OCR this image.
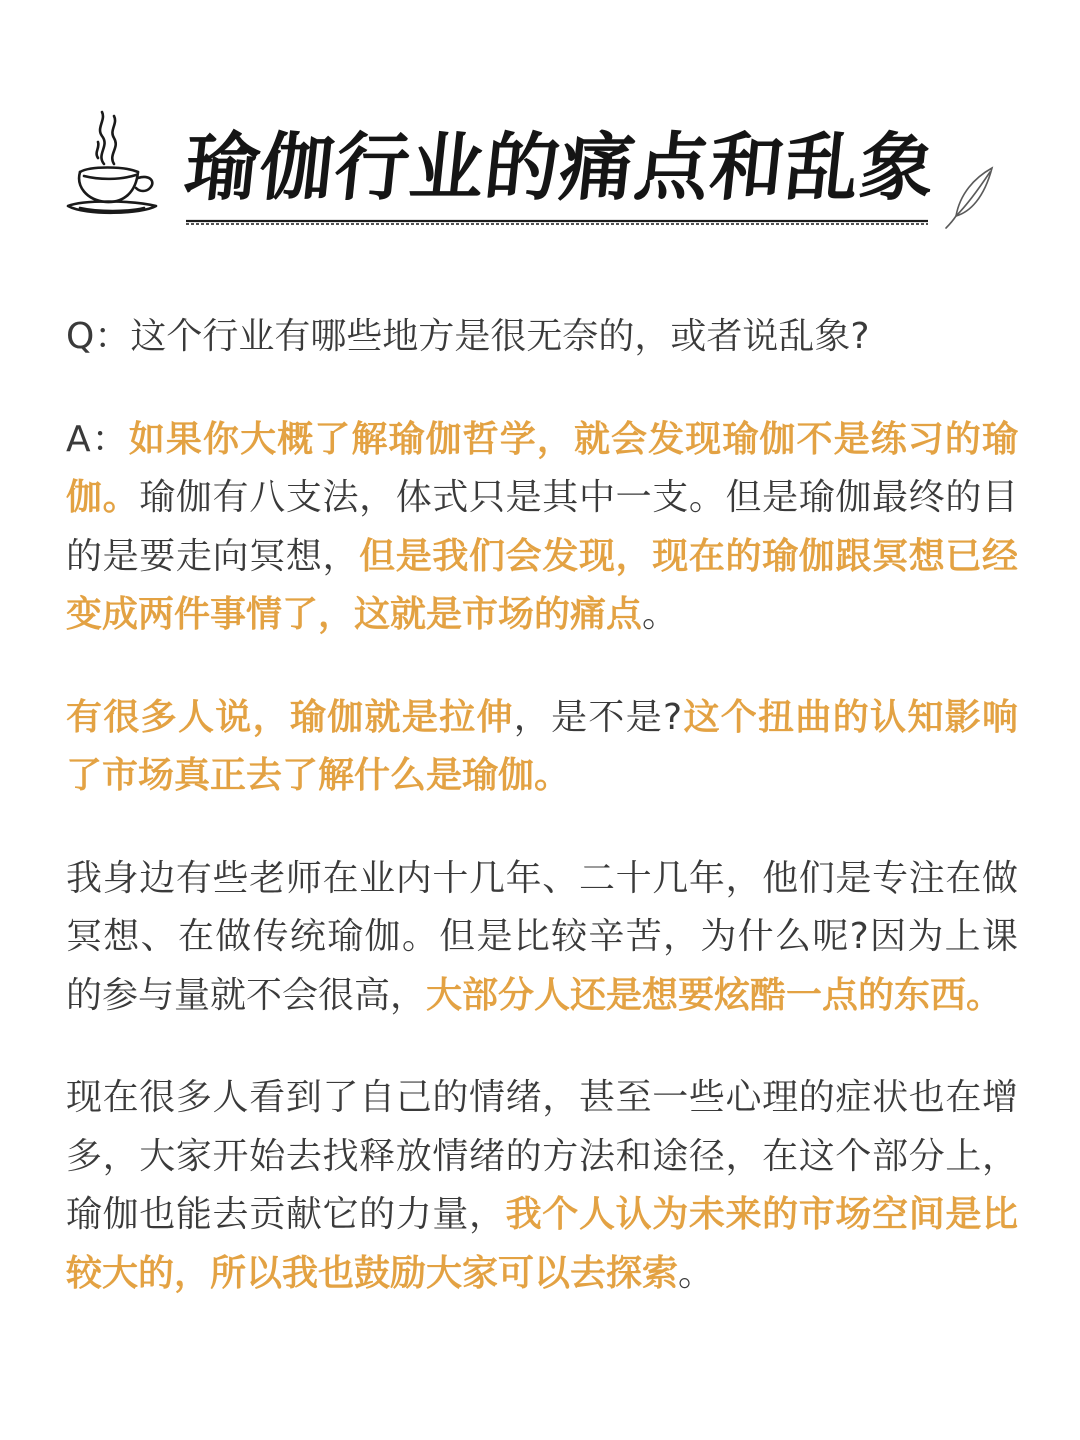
瑜伽行业的痛点和乱象

Q：这个行业有哪些地方是很无奈的，或者说乱象?

A：如果你大概了解瑜伽哲学，就会发现瑜伽不是练习的瑜伽。瑜伽有八支法，体式只是其中一支。但是瑜伽最终的目的是要走向冥想，但是我们会发现，现在的瑜伽跟冥想已经变成两件事情了，这就是市场的痛点。

有很多人说，瑜伽就是拉伸，是不是?这个扭曲的认知影响了市场真正去了解什么是瑜伽。

我身边有些老师在业内十几年、二十几年，他们是专注在做冥想、在做传统瑜伽。但是比较辛苦，为什么呢?因为上课的参与量就不会很高，大部分人还是想要炫酷一点的东西。

现在很多人看到了自己的情绪，甚至一些心理的症状也在增多，大家开始去找释放情绪的方法和途径，在这个部分上，瑜伽也能去贡献它的力量，我个人认为未来的市场空间是比较大的，所以我也鼓励大家可以去探索。
